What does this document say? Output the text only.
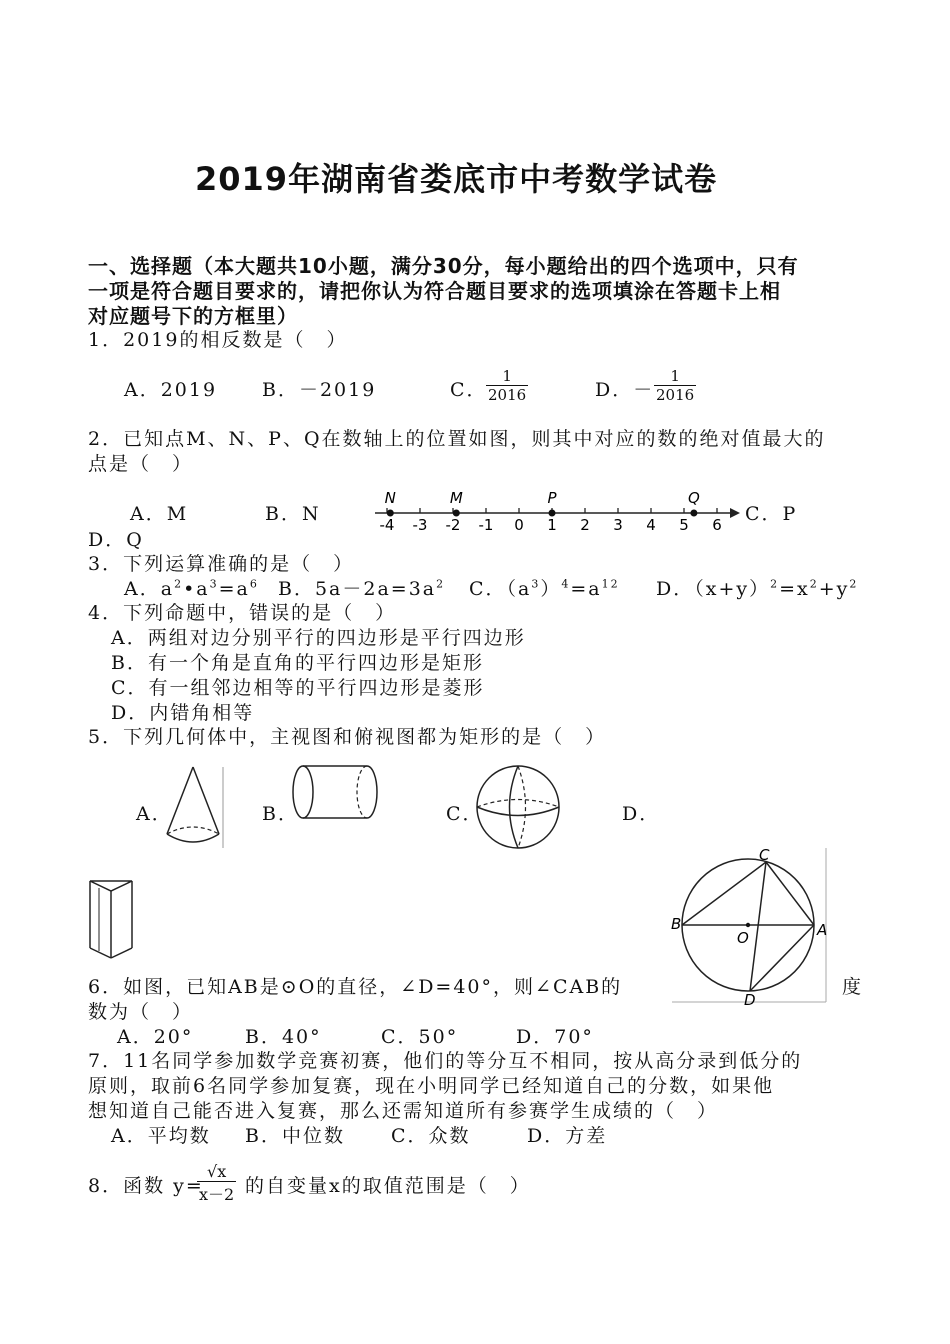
2019年湖南省娄底市中考数学试卷
一、选择题（本大题共10小题，满分30分，每小题给出的四个选项中，只有
一项是符合题目要求的，请把你认为符合题目要求的选项填涂在答题卡上相
对应题号下的方框里）
1．2019的相反数是（　）
A．2019 B．－2019	C．
$\frac{1}{2016}$	D．－ $\frac{1}{2016}$
2．已知点M、N、P、Q在数轴上的位置如图，则其中对应的数的绝对值最大的
点是（　）
A．M	B．N	-4 -3 -2 -1 0 1 2 3 4 5 6
N	M	P	Q
C．P
D．Q
3．下列运算准确的是（　）
A．$a^2•a^3=a^6$ B．$5a-2a=3a^2$ C．$(a^3)^4=a^{12}$ D．$(x+y)^2=x^2+y^2$
4．下列命题中，错误的是（　）
A．两组对边分别平行的四边形是平行四边形
B．有一个角是直角的平行四边形是矩形
C．有一组邻边相等的平行四边形是菱形
D．内错角相等
5．下列几何体中，主视图和俯视图都为矩形的是（　）
A．	B．	C．	D．
B	A
C
D
O
6．如图，已知AB是⊙O的直径，∠D=40°，则∠CAB的	度
数为（　）
A．20°	B．40°	C．50°	D．70°
7．11名同学参加数学竞赛初赛，他们的等分互不相同，按从高分录到低分的
原则，取前6名同学参加复赛，现在小明同学已经知道自己的分数，如果他
想知道自己能否进入复赛，那么还需知道所有参赛学生成绩的（　）
A．平均数 B．中位数 C．众数	D．方差
8．函数 y=
$\frac{√x}{x-2}$ 的自变量x的取值范围是（　）
